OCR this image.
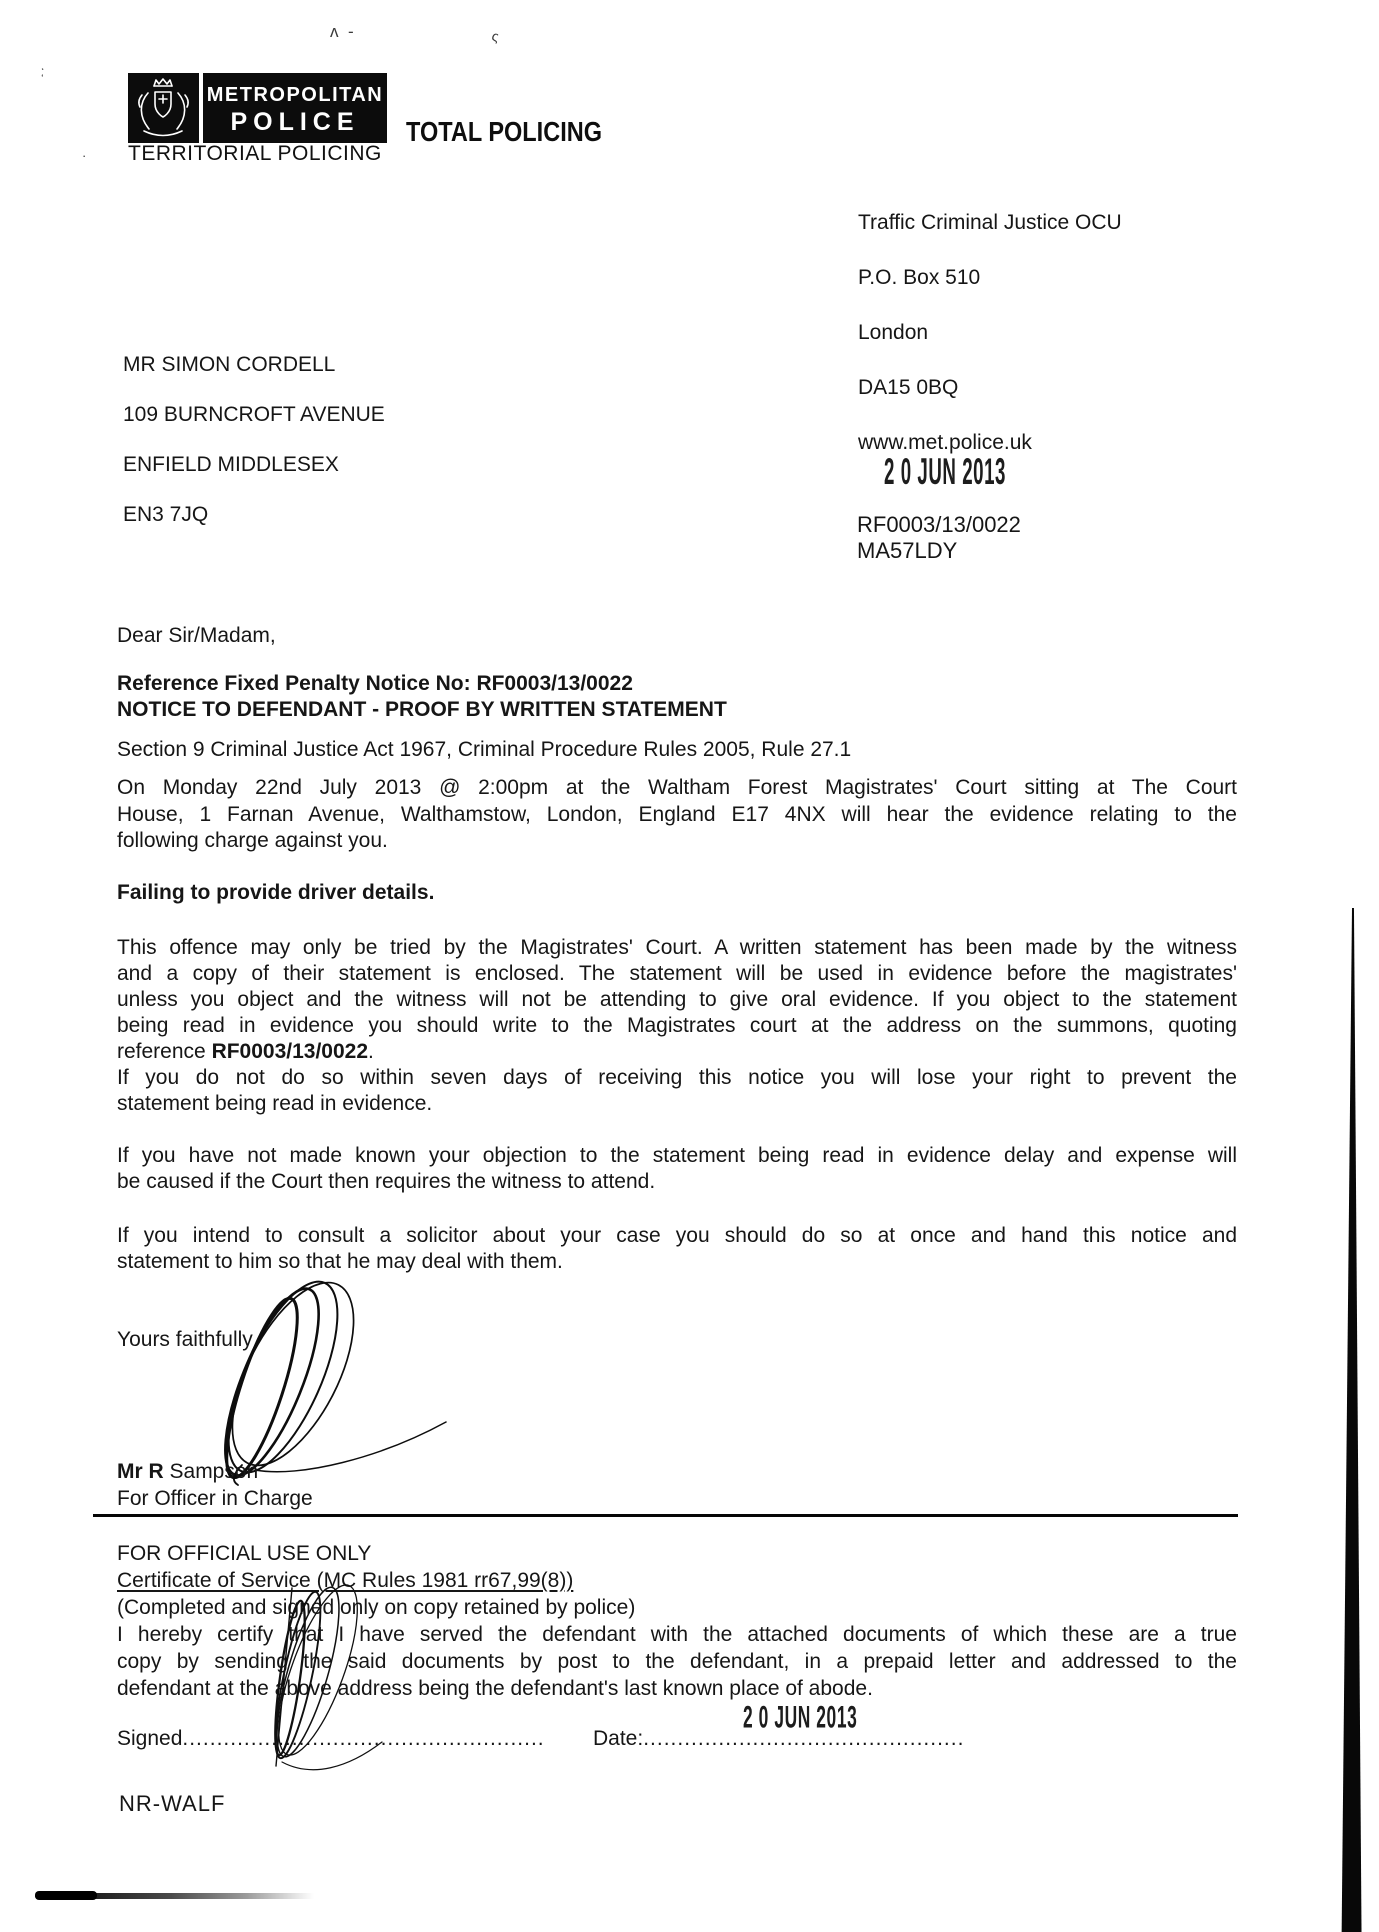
ʌ  -	ς
ˏ·
·
METROPOLITAN
POLICE	TOTAL POLICING
TERRITORIAL POLICING

Traffic Criminal Justice OCU

P.O. Box 510

London

DA15 0BQ

www.met.police.uk

MR SIMON CORDELL

109 BURNCROFT AVENUE

ENFIELD MIDDLESEX

EN3 7JQ

2 0 JUN 2013
RF0003/13/0022
MA57LDY
Dear Sir/Madam,
Reference Fixed Penalty Notice No: RF0003/13/0022
NOTICE TO DEFENDANT - PROOF BY WRITTEN STATEMENT
Section 9 Criminal Justice Act 1967, Criminal Procedure Rules 2005, Rule 27.1
On Monday 22nd July 2013 @ 2:00pm at the Waltham Forest Magistrates' Court sitting at The Court
House, 1 Farnan Avenue, Walthamstow, London, England E17 4NX will hear the evidence relating to the
following charge against you.
Failing to provide driver details.
This offence may only be tried by the Magistrates' Court. A written statement has been made by the witness
and a copy of their statement is enclosed. The statement will be used in evidence before the magistrates'
unless you object and the witness will not be attending to give oral evidence. If you object to the statement
being read in evidence you should write to the Magistrates court at the address on the summons, quoting
reference RF0003/13/0022.
If you do not do so within seven days of receiving this notice you will lose your right to prevent the
statement being read in evidence.
If you have not made known your objection to the statement being read in evidence delay and expense will
be caused if the Court then requires the witness to attend.
If you intend to consult a solicitor about your case you should do so at once and hand this notice and
statement to him so that he may deal with them.
Yours faithfully
Mr R Sampson
For Officer in Charge
FOR OFFICIAL USE ONLY
Certificate of Service (MC Rules 1981 rr67,99(8))
(Completed and signed only on copy retained by police)
I hereby certify that I have served the defendant with the attached documents of which these are a true
copy by sending the said documents by post to the defendant, in a prepaid letter and addressed to the
defendant at the above address being the defendant's last known place of abode.
Signed..................................................... Date:...............................................
2 0 JUN 2013
NR-WALF
